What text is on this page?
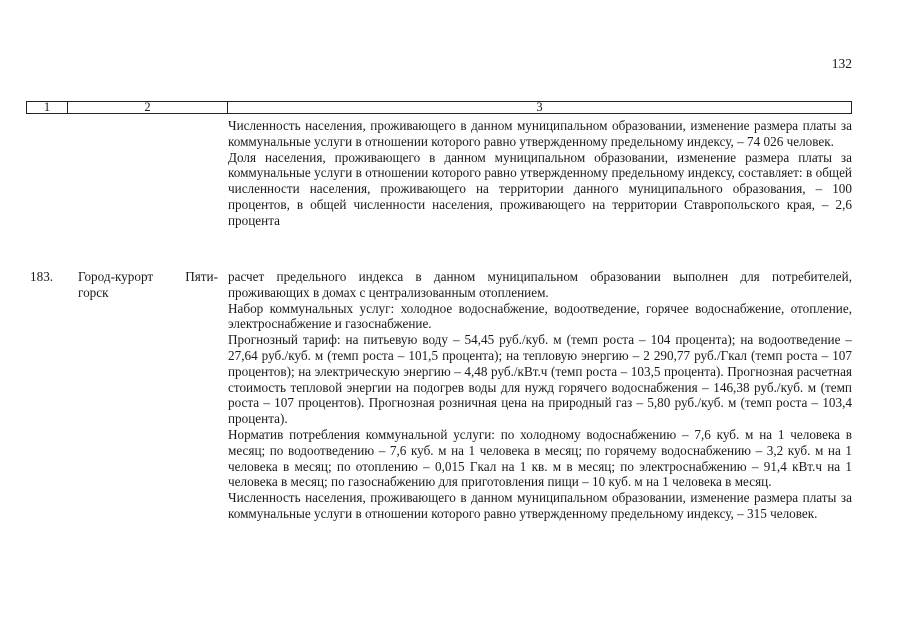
132
1	2	3

Численность населения, проживающего в данном муниципальном образовании, изменение размера платы за коммунальные услуги в отношении которого равно утвержденному предельному индексу, – 74 026 человек.

Доля населения, проживающего в данном муниципальном образовании, изменение размера платы за коммунальные услуги в отношении которого равно утвержденному предельному индексу, составляет: в общей численности населения, проживающего на территории данного муниципального образования, – 100 процентов, в общей численности населения, проживающего на территории Ставропольского края, – 2,6 процента

183. Город-курорт Пяти-
горск

расчет предельного индекса в данном муниципальном образовании выполнен для потребителей, проживающих в домах с централизованным отоплением.

Набор коммунальных услуг: холодное водоснабжение, водоотведение, горячее водоснабжение, отопление, электроснабжение и газоснабжение.

Прогнозный тариф: на питьевую воду – 54,45 руб./куб. м (темп роста – 104 процента); на водоотведение – 27,64 руб./куб. м (темп роста – 101,5 процента); на тепловую энергию – 2 290,77 руб./Гкал (темп роста – 107 процентов); на электрическую энергию – 4,48 руб./кВт.ч (темп роста – 103,5 процента). Прогнозная расчетная стоимость тепловой энергии на подогрев воды для нужд горячего водоснабжения – 146,38 руб./куб. м (темп роста – 107 процентов). Прогнозная розничная цена на природный газ – 5,80 руб./куб. м (темп роста – 103,4 процента).

Норматив потребления коммунальной услуги: по холодному водоснабжению – 7,6 куб. м на 1 человека в месяц; по водоотведению – 7,6 куб. м на 1 человека в месяц; по горячему водоснабжению – 3,2 куб. м на 1 человека в месяц; по отоплению – 0,015 Гкал на 1 кв. м в месяц; по электроснабжению – 91,4 кВт.ч на 1 человека в месяц; по газоснабжению для приготовления пищи – 10 куб. м на 1 человека в месяц.

Численность населения, проживающего в данном муниципальном образовании, изменение размера платы за коммунальные услуги в отношении которого равно утвержденному предельному индексу, – 315 человек.
